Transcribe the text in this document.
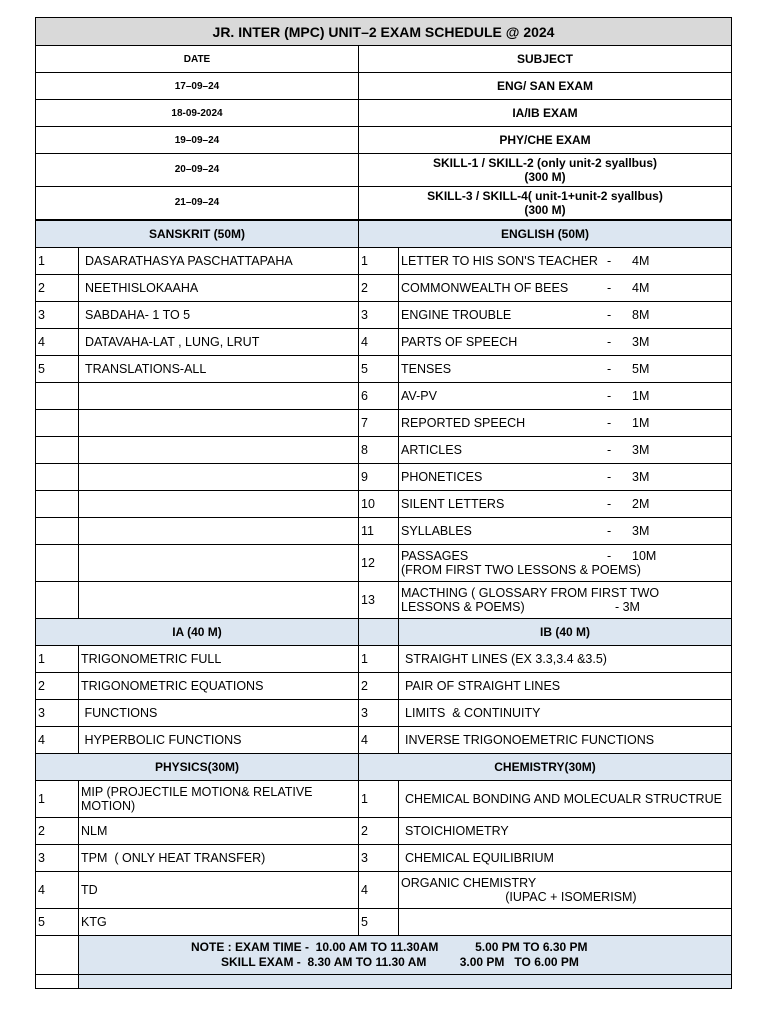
JR. INTER (MPC) UNIT–2 EXAM SCHEDULE @ 2024	
DATE	SUBJECT
17–09–24	ENG/ SAN EXAM
18-09-2024	IA/IB EXAM
19–09–24	PHY/CHE EXAM
20–09–24	SKILL-1 / SKILL-2 (only unit-2 syallbus)
(300 M)

21–09–24	SKILL-3 / SKILL-4( unit-1+unit-2 syallbus)
(300 M)
SANSKRIT (50M)		ENGLISH (50M)	
1	DASARATHASYA PASCHATTAPAHA	1	LETTER TO HIS SON'S TEACHER -      4M

2	NEETHISLOKAAHA	2	COMMONWEALTH OF BEES -      4M

3	SABDAHA- 1 TO 5	3	ENGINE TROUBLE -      8M

4	DATAVAHA-LAT , LUNG, LRUT	4	PARTS OF SPEECH -      3M

5	TRANSLATIONS-ALL	5	TENSES -      5M

		6	AV-PV -      1M

		7	REPORTED SPEECH -      1M

		8	ARTICLES -      3M

		9	PHONETICES -      3M

		10	SILENT LETTERS -      2M

		11	SYLLABLES -      3M

		12	PASSAGES -      10M
(FROM FIRST TWO LESSONS & POEMS)

		13	MACTHING ( GLOSSARY FROM FIRST TWO
LESSONS & POEMS)                          - 3M

IA (40 M)			IB (40 M)
1	TRIGONOMETRIC FULL	1	STRAIGHT LINES (EX 3.3,3.4 &3.5)
2	TRIGONOMETRIC EQUATIONS	2	PAIR OF STRAIGHT LINES
3	FUNCTIONS	3	LIMITS  & CONTINUITY
4	HYPERBOLIC FUNCTIONS	4	INVERSE TRIGONOEMETRIC FUNCTIONS
PHYSICS(30M)		CHEMISTRY(30M)	
1	MIP (PROJECTILE MOTION& RELATIVE
MOTION)	1	CHEMICAL BONDING AND MOLECUALR STRUCTRUE
2	NLM	2	STOICHIOMETRY
3	TPM  ( ONLY HEAT TRANSFER)	3	CHEMICAL EQUILIBRIUM
4	TD	4	ORGANIC CHEMISTRY
(IUPAC + ISOMERISM)

5	KTG	5	

	NOTE : EXAM TIME -  10.00 AM TO 11.30AM           5.00 PM TO 6.30 PM
SKILL EXAM -  8.30 AM TO 11.30 AM          3.00 PM   TO 6.00 PM		
